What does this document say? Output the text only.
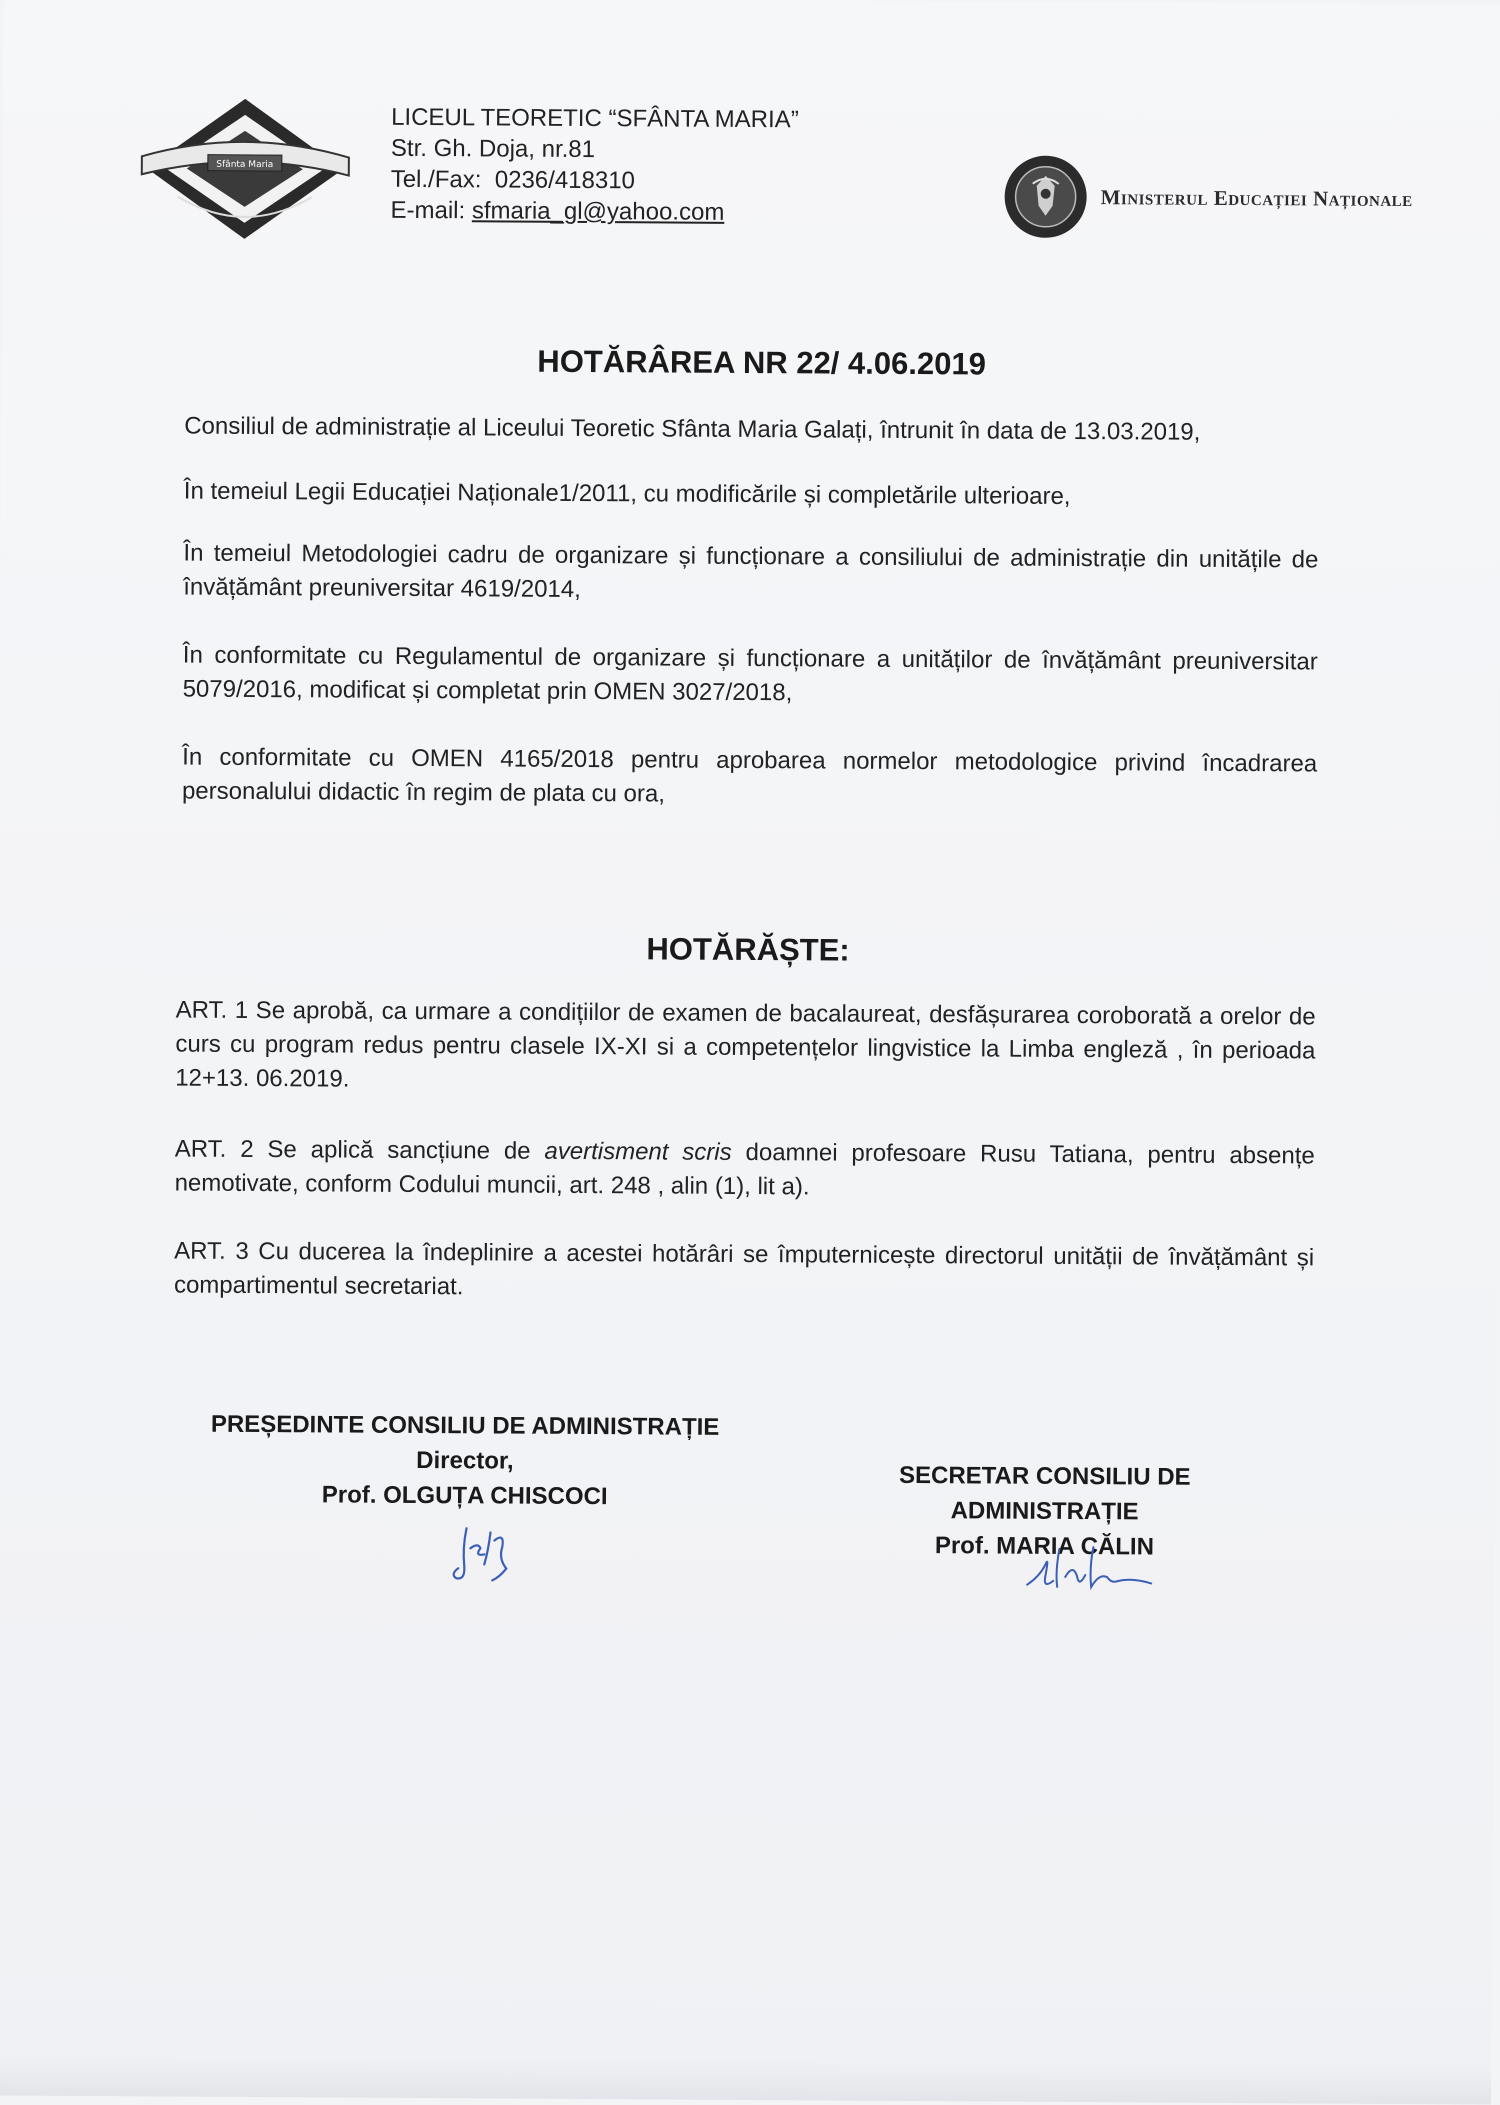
Sfânta Maria
LICEUL TEORETIC “SFÂNTA MARIA”
Str. Gh. Doja, nr.81
Tel./Fax: 0236/418310
E-mail: sfmaria_gl@yahoo.com	Ministerul Educației Naționale
HOTĂRÂREA NR 22/ 4.06.2019
Consiliul de administrație al Liceului Teoretic Sfânta Maria Galați, întrunit în data de 13.03.2019,
În temeiul Legii Educației Naționale1/2011, cu modificările și completările ulterioare,
În temeiul Metodologiei cadru de organizare și funcționare a consiliului de administrație din unitățile de învățământ preuniversitar 4619/2014,
În conformitate cu Regulamentul de organizare și funcționare a unităților de învățământ preuniversitar 5079/2016, modificat și completat prin OMEN 3027/2018,
În conformitate cu OMEN 4165/2018 pentru aprobarea normelor metodologice privind încadrarea personalului didactic în regim de plata cu ora,
HOTĂRĂȘTE:
ART. 1 Se aprobă, ca urmare a condițiilor de examen de bacalaureat, desfășurarea coroborată a orelor de curs cu program redus pentru clasele IX-XI si a competențelor lingvistice la Limba engleză , în perioada 12+13. 06.2019.
ART. 2 Se aplică sancțiune de avertisment scris doamnei profesoare Rusu Tatiana, pentru absențe nemotivate, conform Codului muncii, art. 248 , alin (1), lit a).
ART. 3 Cu ducerea la îndeplinire a acestei hotărâri se împuternicește directorul unității de învățământ și compartimentul secretariat.
PREȘEDINTE CONSILIU DE ADMINISTRAȚIE
Director,
Prof. OLGUȚA CHISCOCI
SECRETAR CONSILIU DE ADMINISTRAȚIE
Prof. MARIA CĂLIN
